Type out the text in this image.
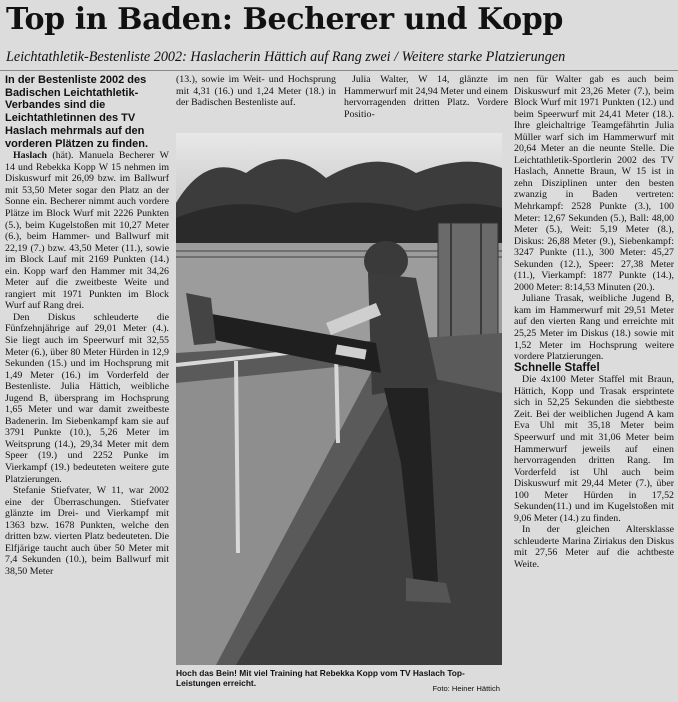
Top in Baden: Becherer und Kopp
Leichtathletik-Bestenliste 2002: Haslacherin Hättich auf Rang zwei / Weitere starke Platzierungen

In der Bestenliste 2002 des Badischen Leichtathletik-Verbandes sind die Leichtathletinnen des TV Haslach mehrmals auf den vorderen Plätzen zu finden.

Haslach (hät). Manuela Becherer W 14 und Rebekka Kopp W 15 nehmen im Diskuswurf mit 26,09 bzw. im Ballwurf mit 53,50 Meter sogar den Platz an der Sonne ein. Becherer nimmt auch vordere Plätze im Block Wurf mit 2226 Punkten (5.), beim Kugelstoßen mit 10,27 Meter (6.), beim Hammer- und Ballwurf mit 22,19 (7.) bzw. 43,50 Meter (11.), sowie im Block Lauf mit 2169 Punkten (14.) ein. Kopp warf den Hammer mit 34,26 Meter auf die zweitbeste Weite und rangiert mit 1971 Punkten im Block Wurf auf Rang drei.

Den Diskus schleuderte die Fünfzehnjährige auf 29,01 Meter (4.). Sie liegt auch im Speerwurf mit 32,55 Meter (6.), über 80 Meter Hürden in 12,9 Sekunden (15.) und im Hochsprung mit 1,49 Meter (16.) im Vorderfeld der Bestenliste. Julia Hättich, weibliche Jugend B, übersprang im Hochsprung 1,65 Meter und war damit zweitbeste Badenerin. Im Siebenkampf kam sie auf 3791 Punkte (10.), 5,26 Meter im Weitsprung (14.), 29,34 Meter mit dem Speer (19.) und 2252 Punke im Vierkampf (19.) bedeuteten weitere gute Platzierungen.

Stefanie Stiefvater, W 11, war 2002 eine der Überraschungen. Stiefvater glänzte im Drei- und Vierkampf mit 1363 bzw. 1678 Punkten, welche den dritten bzw. vierten Platz bedeuteten. Die Elfjärige taucht auch über 50 Meter mit 7,4 Sekunden (10.), beim Ballwurf mit 38,50 Meter

(13.), sowie im Weit- und Hochsprung mit 4,31 (16.) und 1,24 Meter (18.) in der Badischen Bestenliste auf.

Julia Walter, W 14, glänzte im Hammerwurf mit 24,94 Meter und einem hervorragenden dritten Platz. Vordere Positio-

Hoch das Bein! Mit viel Training hat Rebekka Kopp vom TV Haslach Top-Leistungen erreicht.
Foto: Heiner Hättich

nen für Walter gab es auch beim Diskuswurf mit 23,26 Meter (7.), beim Block Wurf mit 1971 Punkten (12.) und beim Speerwurf mit 24,41 Meter (18.). Ihre gleichaltrige Teamgefährtin Julia Müller warf sich im Hammerwurf mit 20,64 Meter an die neunte Stelle. Die Leichtathletik-Sportlerin 2002 des TV Haslach, Annette Braun, W 15 ist in zehn Disziplinen unter den besten zwanzig in Baden vertreten: Mehrkampf: 2528 Punkte (3.), 100 Meter: 12,67 Sekunden (5.), Ball: 48,00 Meter (5.), Weit: 5,19 Meter (8.), Diskus: 26,88 Meter (9.), Siebenkampf: 3247 Punkte (11.), 300 Meter: 45,27 Sekunden (12.), Speer: 27,38 Meter (11.), Vierkampf: 1877 Punkte (14.), 2000 Meter: 8:14,53 Minuten (20.).

Juliane Trasak, weibliche Jugend B, kam im Hammerwurf mit 29,51 Meter auf den vierten Rang und erreichte mit 25,25 Meter im Diskus (18.) sowie mit 1,52 Meter im Hochsprung weitere vordere Platzierungen.

Schnelle Staffel

Die 4x100 Meter Staffel mit Braun, Hättich, Kopp und Trasak ersprintete sich in 52,25 Sekunden die siebtbeste Zeit. Bei der weiblichen Jugend A kam Eva Uhl mit 35,18 Meter beim Speerwurf und mit 31,06 Meter beim Hammerwurf jeweils auf einen hervorragenden dritten Rang. Im Vorderfeld ist Uhl auch beim Diskuswurf mit 29,44 Meter (7.), über 100 Meter Hürden in 17,52 Sekunden(11.) und im Kugelstoßen mit 9,06 Meter (14.) zu finden.

In der gleichen Altersklasse schleuderte Marina Ziriakus den Diskus mit 27,56 Meter auf die achtbeste Weite.
